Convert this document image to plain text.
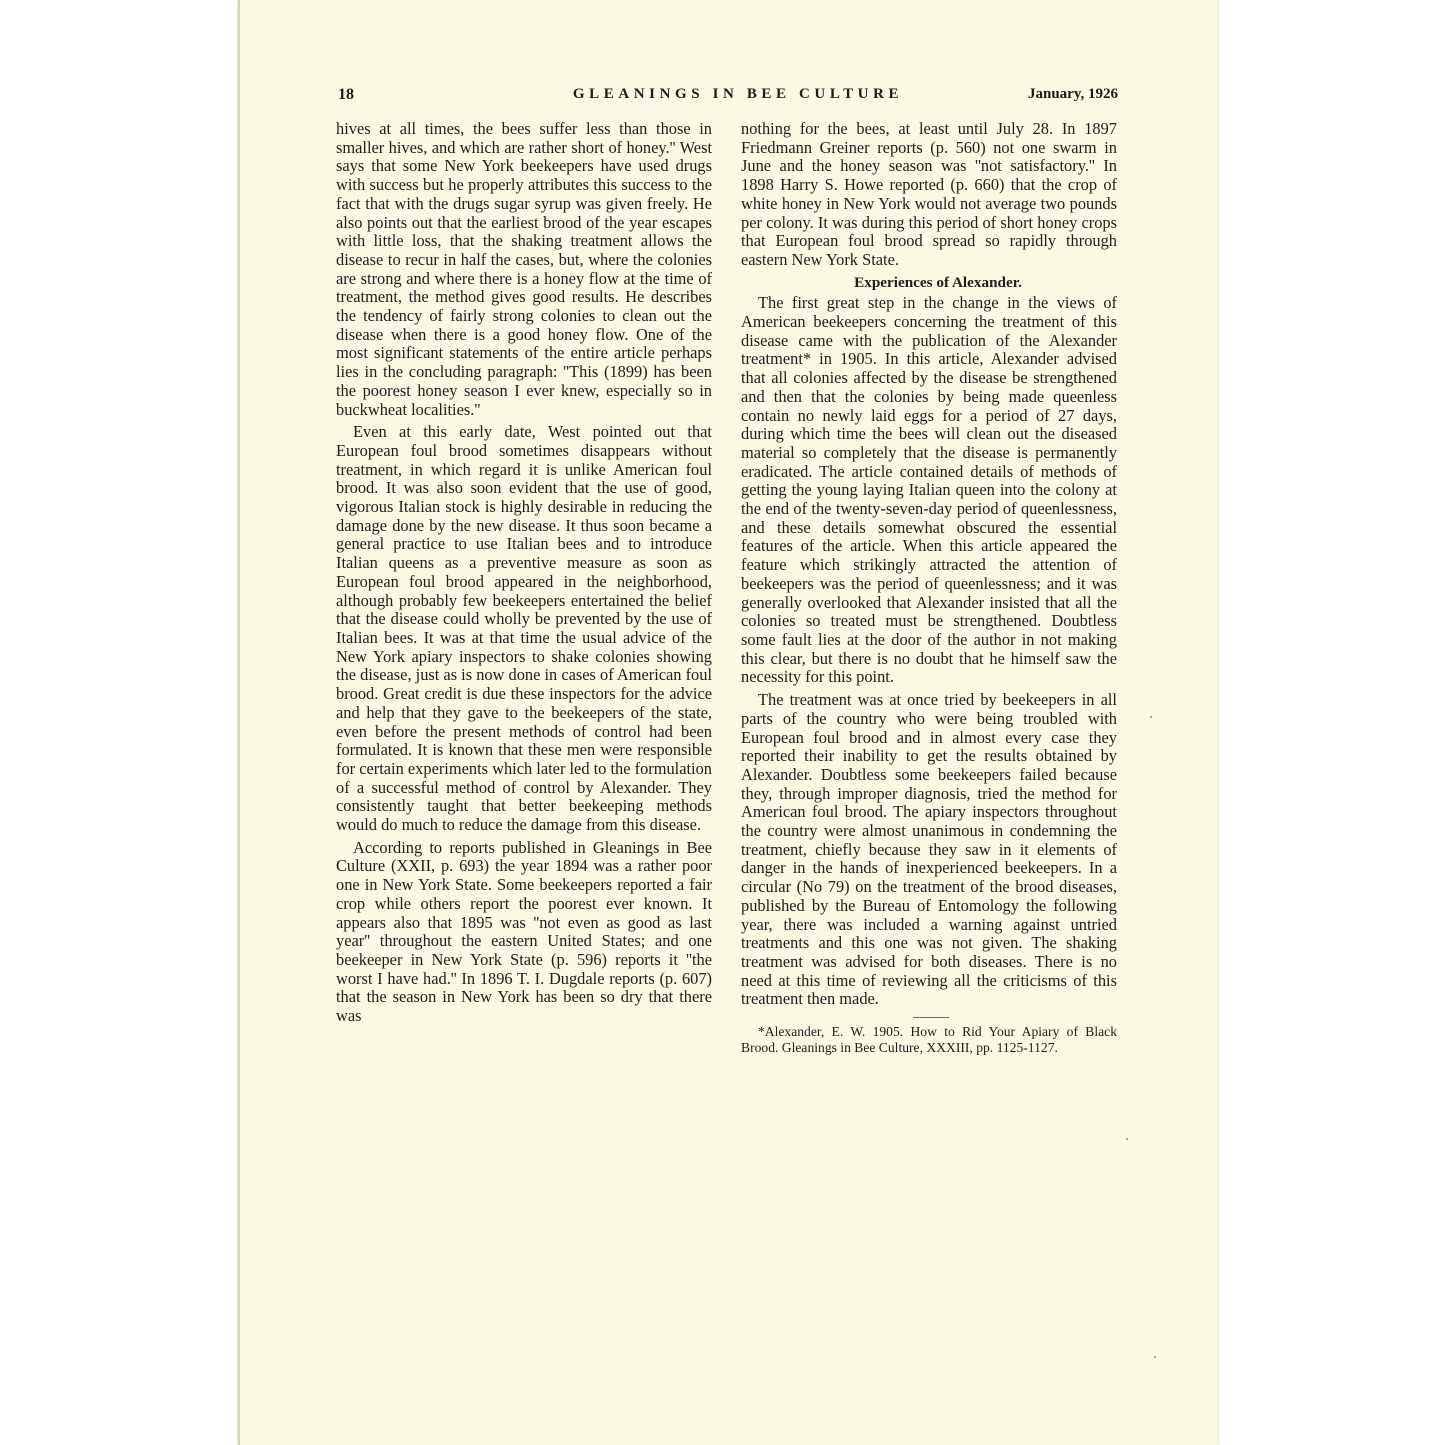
18	GLEANINGS IN BEE CULTURE	January, 1926

hives at all times, the bees suffer less than those in smaller hives, and which are rather short of honey.'' West says that some New York beekeepers have used drugs with success but he properly attributes this success to the fact that with the drugs sugar syrup was given freely. He also points out that the earliest brood of the year escapes with little loss, that the shaking treatment allows the disease to recur in half the cases, but, where the colonies are strong and where there is a honey flow at the time of treatment, the method gives good results. He describes the tendency of fairly strong colonies to clean out the disease when there is a good honey flow. One of the most significant statements of the entire article perhaps lies in the concluding paragraph: ''This (1899) has been the poorest honey season I ever knew, especially so in buckwheat localities.''

Even at this early date, West pointed out that European foul brood sometimes disappears without treatment, in which regard it is unlike American foul brood. It was also soon evident that the use of good, vigorous Italian stock is highly desirable in reducing the damage done by the new disease. It thus soon became a general practice to use Italian bees and to introduce Italian queens as a preventive measure as soon as European foul brood appeared in the neighborhood, although probably few beekeepers entertained the belief that the disease could wholly be prevented by the use of Italian bees. It was at that time the usual advice of the New York apiary inspectors to shake colonies showing the disease, just as is now done in cases of American foul brood. Great credit is due these inspectors for the advice and help that they gave to the beekeepers of the state, even before the present methods of control had been formulated. It is known that these men were responsible for certain experiments which later led to the formulation of a successful method of control by Alexander. They consistently taught that better beekeeping methods would do much to reduce the damage from this disease.

According to reports published in Gleanings in Bee Culture (XXII, p. 693) the year 1894 was a rather poor one in New York State. Some beekeepers reported a fair crop while others report the poorest ever known. It appears also that 1895 was ''not even as good as last year'' throughout the eastern United States; and one beekeeper in New York State (p. 596) reports it ''the worst I have had.'' In 1896 T. I. Dugdale reports (p. 607) that the season in New York has been so dry that there was

nothing for the bees, at least until July 28. In 1897 Friedmann Greiner reports (p. 560) not one swarm in June and the honey season was ''not satisfactory.'' In 1898 Harry S. Howe reported (p. 660) that the crop of white honey in New York would not average two pounds per colony. It was during this period of short honey crops that European foul brood spread so rapidly through eastern New York State.

Experiences of Alexander.

The first great step in the change in the views of American beekeepers concerning the treatment of this disease came with the publication of the Alexander treatment* in 1905. In this article, Alexander advised that all colonies affected by the disease be strengthened and then that the colonies by being made queenless contain no newly laid eggs for a period of 27 days, during which time the bees will clean out the diseased material so completely that the disease is permanently eradicated. The article contained details of methods of getting the young laying Italian queen into the colony at the end of the twenty-seven-day period of queenlessness, and these details somewhat obscured the essential features of the article. When this article appeared the feature which strikingly attracted the attention of beekeepers was the period of queenlessness; and it was generally overlooked that Alexander insisted that all the colonies so treated must be strengthened. Doubtless some fault lies at the door of the author in not making this clear, but there is no doubt that he himself saw the necessity for this point.

The treatment was at once tried by beekeepers in all parts of the country who were being troubled with European foul brood and in almost every case they reported their inability to get the results obtained by Alexander. Doubtless some beekeepers failed because they, through improper diagnosis, tried the method for American foul brood. The apiary inspectors throughout the country were almost unanimous in condemning the treatment, chiefly because they saw in it elements of danger in the hands of inexperienced beekeepers. In a circular (No 79) on the treatment of the brood diseases, published by the Bureau of Entomology the following year, there was included a warning against untried treatments and this one was not given. The shaking treatment was advised for both diseases. There is no need at this time of reviewing all the criticisms of this treatment then made.

*Alexander, E. W. 1905. How to Rid Your Apiary of Black Brood. Gleanings in Bee Culture, XXXIII, pp. 1125-1127.
